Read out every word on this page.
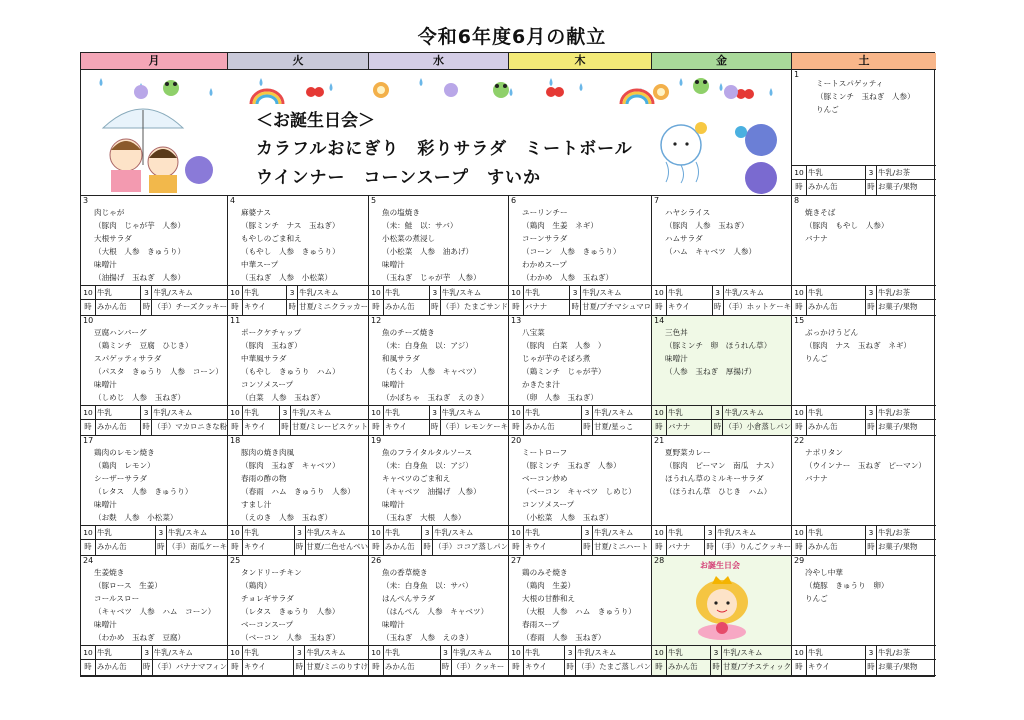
令和6年度6月の献立
月	火	水	木	金	土
＜お誕生日会＞
カラフルおにぎり　彩りサラダ　ミートボール
ウインナー　コーンスープ　すいか
1
ミートスパゲッティ
（豚ミンチ　玉ねぎ　人参）
りんご
10 牛乳	3 牛乳/お茶
時 みかん缶	時 お菓子/果物
3
肉じゃが
（豚肉　じゃが芋　人参）
大根サラダ
（大根　人参　きゅうり）
味噌汁
（油揚げ　玉ねぎ　人参）
10 牛乳	3 牛乳/スキム
時 みかん缶	時 （手）チーズクッキー
4
麻婆ナス
（豚ミンチ　ナス　玉ねぎ）
もやしのごま和え
（もやし　人参　きゅうり）
中華スープ
（玉ねぎ　人参　小松菜）
10 牛乳	3 牛乳/スキム
時 キウイ	時 甘夏/ミニクラッカー
5
魚の塩焼き
（未：鮭　以：サバ）
小松菜の煮浸し
（小松菜　人参　油あげ）
味噌汁
（玉ねぎ　じゃが芋　人参）
10 牛乳	3 牛乳/スキム
時 みかん缶	時 （手）たまごサンド
6
ユーリンチー
（鶏肉　生姜　ネギ）
コーンサラダ
（コーン　人参　きゅうり）
わかめスープ
（わかめ　人参　玉ねぎ）
10 牛乳	3 牛乳/スキム
時 バナナ	時 甘夏/プチマシュマロ
7
ハヤシライス
（豚肉　人参　玉ねぎ）
ハムサラダ
（ハム　キャベツ　人参）
10 牛乳	3 牛乳/スキム
時 キウイ	時 （手）ホットケーキ
8
焼きそば
（豚肉　もやし　人参）
バナナ
10 牛乳	3 牛乳/お茶
時 みかん缶	時 お菓子/果物
10
豆腐ハンバーグ
（鶏ミンチ　豆腐　ひじき）
スパゲッティサラダ
（パスタ　きゅうり　人参　コーン）
味噌汁
（しめじ　人参　玉ねぎ）
10 牛乳	3 牛乳/スキム
時 みかん缶	時 （手）マカロニきな粉
11
ポークケチャップ
（豚肉　玉ねぎ）
中華風サラダ
（もやし　きゅうり　ハム）
コンソメスープ
（白菜　人参　玉ねぎ）
10 牛乳	3 牛乳/スキム
時 キウイ	時 甘夏/ミレービスケット
12
魚のチーズ焼き
（未：白身魚　以：アジ）
和風サラダ
（ちくわ　人参　キャベツ）
味噌汁
（かぼちゃ　玉ねぎ　えのき）
10 牛乳	3 牛乳/スキム
時 キウイ	時 （手）レモンケーキ
13
八宝菜
（豚肉　白菜　人参　）
じゃが芋のそぼろ煮
（鶏ミンチ　じゃが芋）
かきたま汁
（卵　人参　玉ねぎ）
10 牛乳	3 牛乳/スキム
時 みかん缶	時 甘夏/星っこ
14
三色丼
（豚ミンチ　卵　ほうれん草）
味噌汁
（人参　玉ねぎ　厚揚げ）
10 牛乳	3 牛乳/スキム
時 バナナ	時 （手）小倉蒸しパン
15
ぶっかけうどん
（豚肉　ナス　玉ねぎ　ネギ）
りんご
10 牛乳	3 牛乳/お茶
時 みかん缶	時 お菓子/果物
17
鶏肉のレモン焼き
（鶏肉　レモン）
シーザーサラダ
（レタス　人参　きゅうり）
味噌汁
（お麩　人参　小松菜）
10 牛乳	3 牛乳/スキム
時 みかん缶	時 （手）南瓜ケーキ
18
豚肉の焼き肉風
（豚肉　玉ねぎ　キャベツ）
春雨の酢の物
（春雨　ハム　きゅうり　人参）
すまし汁
（えのき　人参　玉ねぎ）
10 牛乳	3 牛乳/スキム
時 キウイ	時 甘夏/二色せんべい
19
魚のフライタルタルソース
（未：白身魚　以：アジ）
キャベツのごま和え
（キャベツ　油揚げ　人参）
味噌汁
（玉ねぎ　大根　人参）
10 牛乳	3 牛乳/スキム
時 みかん缶	時 （手）ココア蒸しパン
20
ミートローフ
（豚ミンチ　玉ねぎ　人参）
ベーコン炒め
（ベーコン　キャベツ　しめじ）
コンソメスープ
（小松菜　人参　玉ねぎ）
10 牛乳	3 牛乳/スキム
時 キウイ	時 甘夏/ミニハート
21
夏野菜カレー
（豚肉　ピーマン　南瓜　ナス）
ほうれん草のミルキーサラダ
（ほうれん草　ひじき　ハム）
10 牛乳	3 牛乳/スキム
時 バナナ	時 （手）りんごクッキー
22
ナポリタン
（ウインナー　玉ねぎ　ピーマン）
バナナ
10 牛乳	3 牛乳/お茶
時 みかん缶	時 お菓子/果物
24
生姜焼き
（豚ロース　生姜）
コールスロー
（キャベツ　人参　ハム　コーン）
味噌汁
（わかめ　玉ねぎ　豆腐）
10 牛乳	3 牛乳/スキム
時 みかん缶	時 （手）バナナマフィン
25
タンドリーチキン
（鶏肉）
チョレギサラダ
（レタス　きゅうり　人参）
ベーコンスープ
（ベーコン　人参　玉ねぎ）
10 牛乳	3 牛乳/スキム
時 キウイ	時 甘夏/ミニのりすけ
26
魚の香草焼き
（未：白身魚　以：サバ）
はんぺんサラダ
（はんぺん　人参　キャベツ）
味噌汁
（玉ねぎ　人参　えのき）
10 牛乳	3 牛乳/スキム
時 みかん缶	時 （手）クッキー
27
鶏のみそ焼き
（鶏肉　生姜）
大根の甘酢和え
（大根　人参　ハム　きゅうり）
春雨スープ
（春雨　人参　玉ねぎ）
10 牛乳	3 牛乳/スキム
時 キウイ	時 （手）たまご蒸しパン
28
お誕生日会
10 牛乳	3 牛乳/スキム
時 みかん缶	時 甘夏/プチスティック
29
冷やし中華
（焼豚　きゅうり　卵）
りんご
10 牛乳	3 牛乳/お茶
時 キウイ	時 お菓子/果物
